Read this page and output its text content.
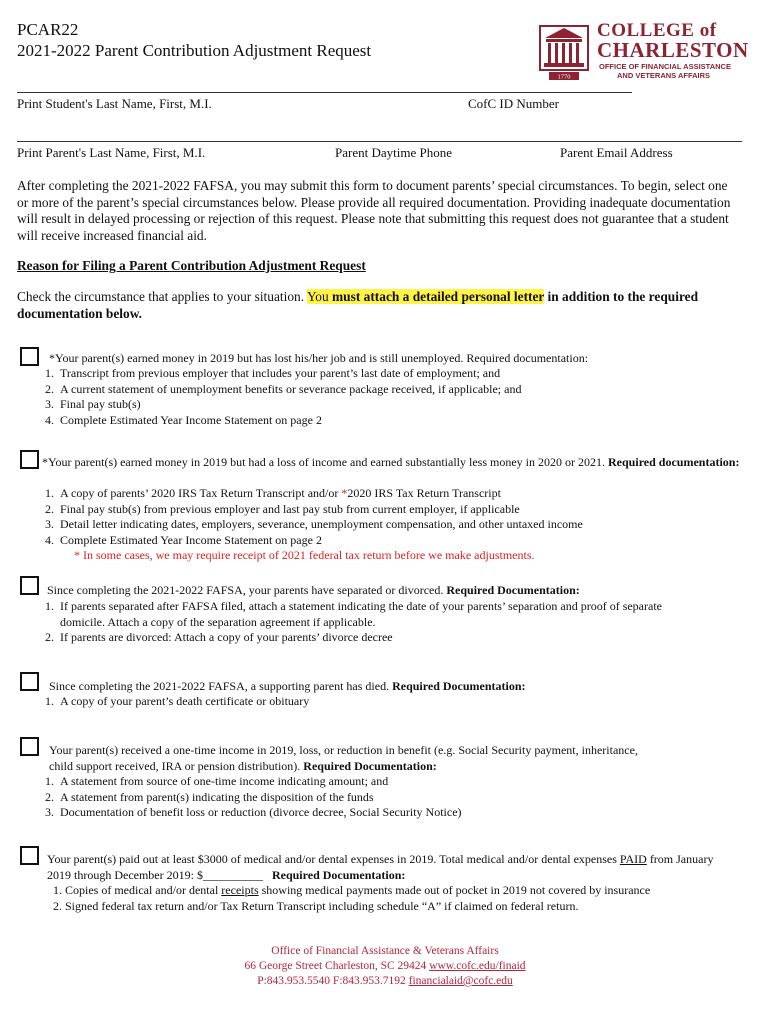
PCAR22
2021-2022 Parent Contribution Adjustment Request
1770
COLLEGE of
CHARLESTON
OFFICE OF FINANCIAL ASSISTANCE
AND VETERANS AFFAIRS
Print Student's Last Name, First, M.I.	CofC ID Number
Print Parent's Last Name, First, M.I.	Parent Daytime Phone	Parent Email Address
After completing the 2021-2022 FAFSA, you may submit this form to document parents’ special circumstances. To begin, select one or more of the parent’s special circumstances below. Please provide all required documentation. Providing inadequate documentation will result in delayed processing or rejection of this request. Please note that submitting this request does not guarantee that a student will receive increased financial aid.
Reason for Filing a Parent Contribution Adjustment Request
Check the circumstance that applies to your situation. You must attach a detailed personal letter in addition to the required documentation below.
*Your parent(s) earned money in 2019 but has lost his/her job and is still unemployed. Required documentation:
1. Transcript from previous employer that includes your parent’s last date of employment; and
2. A current statement of unemployment benefits or severance package received, if applicable; and
3. Final pay stub(s)
4. Complete Estimated Year Income Statement on page 2
*Your parent(s) earned money in 2019 but had a loss of income and earned substantially less money in 2020 or 2021. Required documentation:
1. A copy of parents’ 2020 IRS Tax Return Transcript and/or *2020 IRS Tax Return Transcript
2. Final pay stub(s) from previous employer and last pay stub from current employer, if applicable
3. Detail letter indicating dates, employers, severance, unemployment compensation, and other untaxed income
4. Complete Estimated Year Income Statement on page 2
* In some cases, we may require receipt of 2021 federal tax return before we make adjustments.
Since completing the 2021-2022 FAFSA, your parents have separated or divorced. Required Documentation:
1. If parents separated after FAFSA filed, attach a statement indicating the date of your parents’ separation and proof of separate
domicile. Attach a copy of the separation agreement if applicable.
2. If parents are divorced: Attach a copy of your parents’ divorce decree
Since completing the 2021-2022 FAFSA, a supporting parent has died. Required Documentation:
1. A copy of your parent’s death certificate or obituary
Your parent(s) received a one-time income in 2019, loss, or reduction in benefit (e.g. Social Security payment, inheritance,
child support received, IRA or pension distribution). Required Documentation:
1. A statement from source of one-time income indicating amount; and
2. A statement from parent(s) indicating the disposition of the funds
3. Documentation of benefit loss or reduction (divorce decree, Social Security Notice)
Your parent(s) paid out at least $3000 of medical and/or dental expenses in 2019. Total medical and/or dental expenses PAID from January
2019 through December 2019: $__________ Required Documentation:
1. Copies of medical and/or dental receipts showing medical payments made out of pocket in 2019 not covered by insurance
2. Signed federal tax return and/or Tax Return Transcript including schedule “A” if claimed on federal return.
Office of Financial Assistance & Veterans Affairs
66 George Street Charleston, SC 29424 www.cofc.edu/finaid
P:843.953.5540 F:843.953.7192 financialaid@cofc.edu
